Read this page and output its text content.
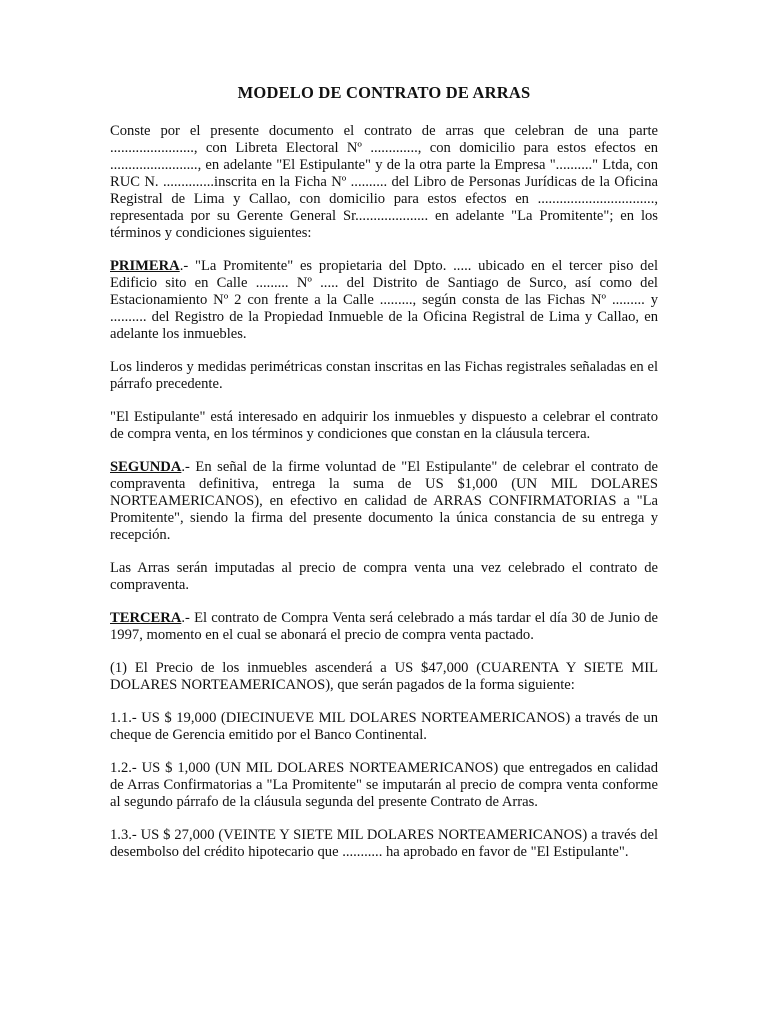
MODELO DE CONTRATO DE ARRAS

Conste por el presente documento el contrato de arras que celebran de una parte ......................., con Libreta Electoral Nº ............., con domicilio para estos efectos en ........................, en adelante "El Estipulante" y de la otra parte la Empresa ".........." Ltda, con RUC N. ..............inscrita en la Ficha Nº .......... del Libro de Personas Jurídicas de la Oficina Registral de Lima y Callao, con domicilio para estos efectos en ................................, representada por su Gerente General Sr.................... en adelante "La Promitente"; en los términos y condiciones siguientes:

PRIMERA.- "La Promitente" es propietaria del Dpto. ..... ubicado en el tercer piso del Edificio sito en Calle ......... Nº ..... del Distrito de Santiago de Surco, así como del Estacionamiento Nº 2 con frente a la Calle ........., según consta de las Fichas Nº ......... y .......... del Registro de la Propiedad Inmueble de la Oficina Registral de Lima y Callao, en adelante los inmuebles.

Los linderos y medidas perimétricas constan inscritas en las Fichas registrales señaladas en el párrafo precedente.

"El Estipulante" está interesado en adquirir los inmuebles y dispuesto a celebrar el contrato de compra venta, en los términos y condiciones que constan en la cláusula tercera.

SEGUNDA.- En señal de la firme voluntad de "El Estipulante" de celebrar el contrato de compraventa definitiva, entrega la suma de US $1,000 (UN MIL DOLARES NORTEAMERICANOS), en efectivo en calidad de ARRAS CONFIRMATORIAS a "La Promitente", siendo la firma del presente documento la única constancia de su entrega y recepción.

Las Arras serán imputadas al precio de compra venta una vez celebrado el contrato de compraventa.

TERCERA.- El contrato de Compra Venta será celebrado a más tardar el día 30 de Junio de 1997, momento en el cual se abonará el precio de compra venta pactado.

(1) El Precio de los inmuebles ascenderá a US $47,000 (CUARENTA Y SIETE MIL DOLARES NORTEAMERICANOS), que serán pagados de la forma siguiente:

1.1.- US $ 19,000 (DIECINUEVE MIL DOLARES NORTEAMERICANOS) a través de un cheque de Gerencia emitido por el Banco Continental.

1.2.- US $ 1,000 (UN MIL DOLARES NORTEAMERICANOS) que entregados en calidad de Arras Confirmatorias a "La Promitente" se imputarán al precio de compra venta conforme al segundo párrafo de la cláusula segunda del presente Contrato de Arras.

1.3.- US $ 27,000 (VEINTE Y SIETE MIL DOLARES NORTEAMERICANOS) a través del desembolso del crédito hipotecario que ........... ha aprobado en favor de "El Estipulante".
